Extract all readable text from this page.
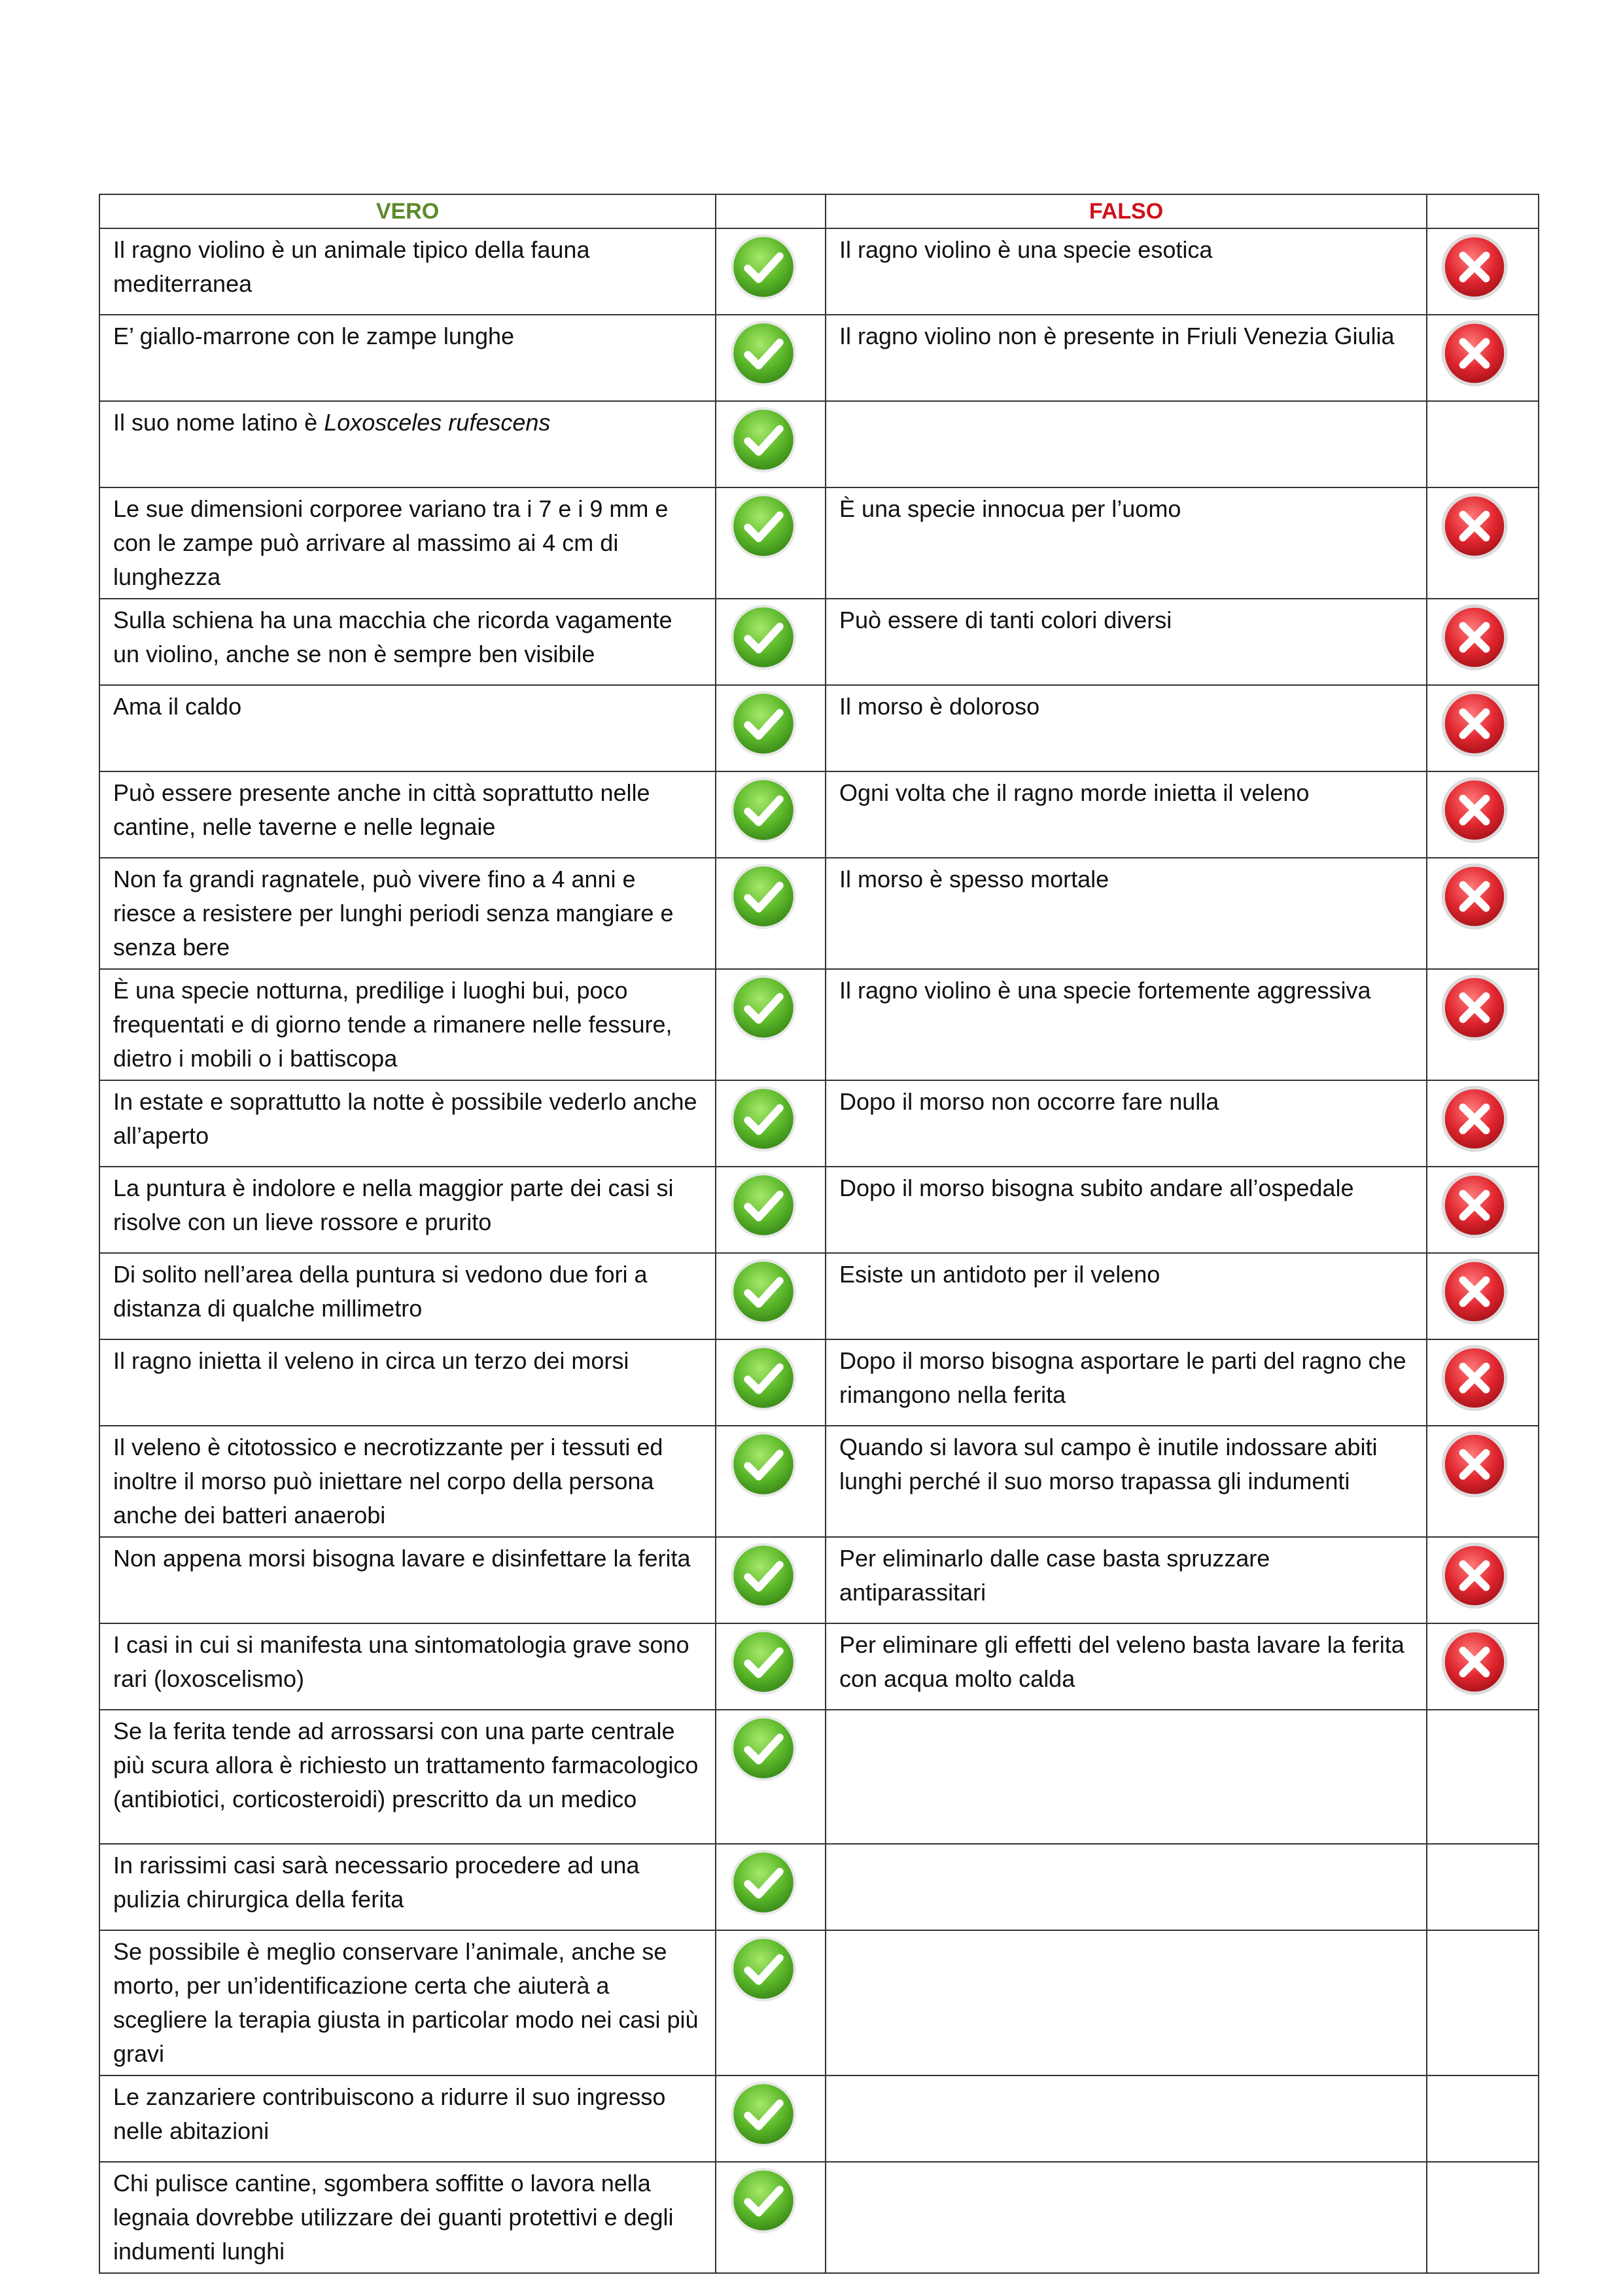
VERO		FALSO	
Il ragno violino è un animale tipico della fauna mediterranea		Il ragno violino è una specie esotica	

E’ giallo-marrone con le zampe lunghe		Il ragno violino non è presente in Friuli Venezia Giulia	

Il suo nome latino è Loxosceles rufescens	

Le sue dimensioni corporee variano tra i 7 e i 9 mm e con le zampe può arrivare al massimo ai 4 cm di lunghezza		È una specie innocua per l’uomo	

Sulla schiena ha una macchia che ricorda vagamente un violino, anche se non è sempre ben visibile		Può essere di tanti colori diversi	

Ama il caldo		Il morso è doloroso	

Può essere presente anche in città soprattutto nelle cantine, nelle taverne e nelle legnaie		Ogni volta che il ragno morde inietta il veleno	

Non fa grandi ragnatele, può vivere fino a 4 anni e riesce a resistere per lunghi periodi senza mangiare e senza bere		Il morso è spesso mortale	

È una specie notturna, predilige i luoghi bui, poco frequentati e di giorno tende a rimanere nelle fessure, dietro i mobili o i battiscopa		Il ragno violino è una specie fortemente aggressiva	

In estate e soprattutto la notte è possibile vederlo anche all’aperto		Dopo il morso non occorre fare nulla	

La puntura è indolore e nella maggior parte dei casi si risolve con un lieve rossore e prurito		Dopo il morso bisogna subito andare all’ospedale	

Di solito nell’area della puntura si vedono due fori a distanza di qualche millimetro		Esiste un antidoto per il veleno	

Il ragno inietta il veleno in circa un terzo dei morsi		Dopo il morso bisogna asportare le parti del ragno che rimangono nella ferita	

Il veleno è citotossico e necrotizzante per i tessuti ed inoltre il morso può iniettare nel corpo della persona anche dei batteri anaerobi		Quando si lavora sul campo è inutile indossare abiti lunghi perché il suo morso trapassa gli indumenti	

Non appena morsi bisogna lavare e disinfettare la ferita		Per eliminarlo dalle case basta spruzzare antiparassitari	

I casi in cui si manifesta una sintomatologia grave sono rari (loxoscelismo)		Per eliminare gli effetti del veleno basta lavare la ferita con acqua molto calda	

Se la ferita tende ad arrossarsi con una parte centrale più scura allora è richiesto un trattamento farmacologico (antibiotici, corticosteroidi) prescritto da un medico	

In rarissimi casi sarà necessario procedere ad una pulizia chirurgica della ferita	

Se possibile è meglio conservare l’animale, anche se morto, per un’identificazione certa che aiuterà a scegliere la terapia giusta in particolar modo nei casi più gravi	

Le zanzariere contribuiscono a ridurre il suo ingresso nelle abitazioni	

Chi pulisce cantine, sgombera soffitte o lavora nella legnaia dovrebbe utilizzare dei guanti protettivi e degli indumenti lunghi	
